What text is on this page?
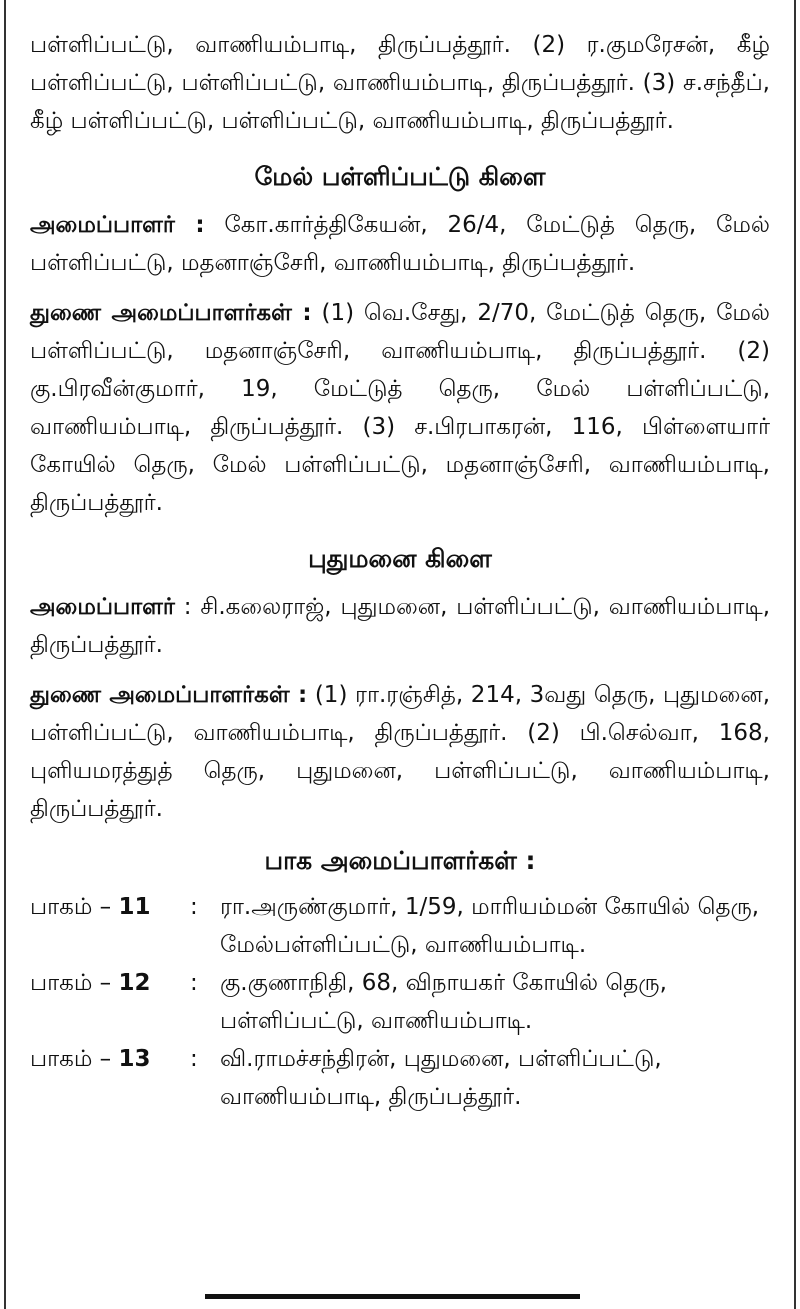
பள்ளிப்பட்டு, வாணியம்பாடி, திருப்பத்தூர். (2) ர.குமரேசன், கீழ் பள்ளிப்பட்டு, பள்ளிப்பட்டு, வாணியம்பாடி, திருப்பத்தூர். (3) ச.சந்தீப், கீழ் பள்ளிப்பட்டு, பள்ளிப்பட்டு, வாணியம்பாடி, திருப்பத்தூர்.

மேல் பள்ளிப்பட்டு கிளை

அமைப்பாளர் : கோ.கார்த்திகேயன், 26/4, மேட்டுத் தெரு, மேல் பள்ளிப்பட்டு, மதனாஞ்சேரி, வாணியம்பாடி, திருப்பத்தூர்.

துணை அமைப்பாளர்கள் : (1) வெ.சேது, 2/70, மேட்டுத் தெரு, மேல் பள்ளிப்பட்டு, மதனாஞ்சேரி, வாணியம்பாடி, திருப்பத்தூர். (2) கு.பிரவீன்குமார், 19, மேட்டுத் தெரு, மேல் பள்ளிப்பட்டு, வாணியம்பாடி, திருப்பத்தூர். (3) ச.பிரபாகரன், 116, பிள்ளையார் கோயில் தெரு, மேல் பள்ளிப்பட்டு, மதனாஞ்சேரி, வாணியம்பாடி, திருப்பத்தூர்.

புதுமனை கிளை

அமைப்பாளர் : சி.கலைராஜ், புதுமனை, பள்ளிப்பட்டு, வாணியம்பாடி, திருப்பத்தூர்.

துணை அமைப்பாளர்கள் : (1) ரா.ரஞ்சித், 214, 3வது தெரு, புதுமனை, பள்ளிப்பட்டு, வாணியம்பாடி, திருப்பத்தூர். (2) பி.செல்வா, 168, புளியமரத்துத் தெரு, புதுமனை, பள்ளிப்பட்டு, வாணியம்பாடி, திருப்பத்தூர்.

பாக அமைப்பாளர்கள் :
பாகம் – 11	: ரா.அருண்குமார், 1/59, மாரியம்மன் கோயில் தெரு, மேல்பள்ளிப்பட்டு, வாணியம்பாடி.
பாகம் – 12	: கு.குணாநிதி, 68, விநாயகர் கோயில் தெரு, பள்ளிப்பட்டு, வாணியம்பாடி.
பாகம் – 13	: வி.ராமச்சந்திரன், புதுமனை, பள்ளிப்பட்டு, வாணியம்பாடி, திருப்பத்தூர்.
